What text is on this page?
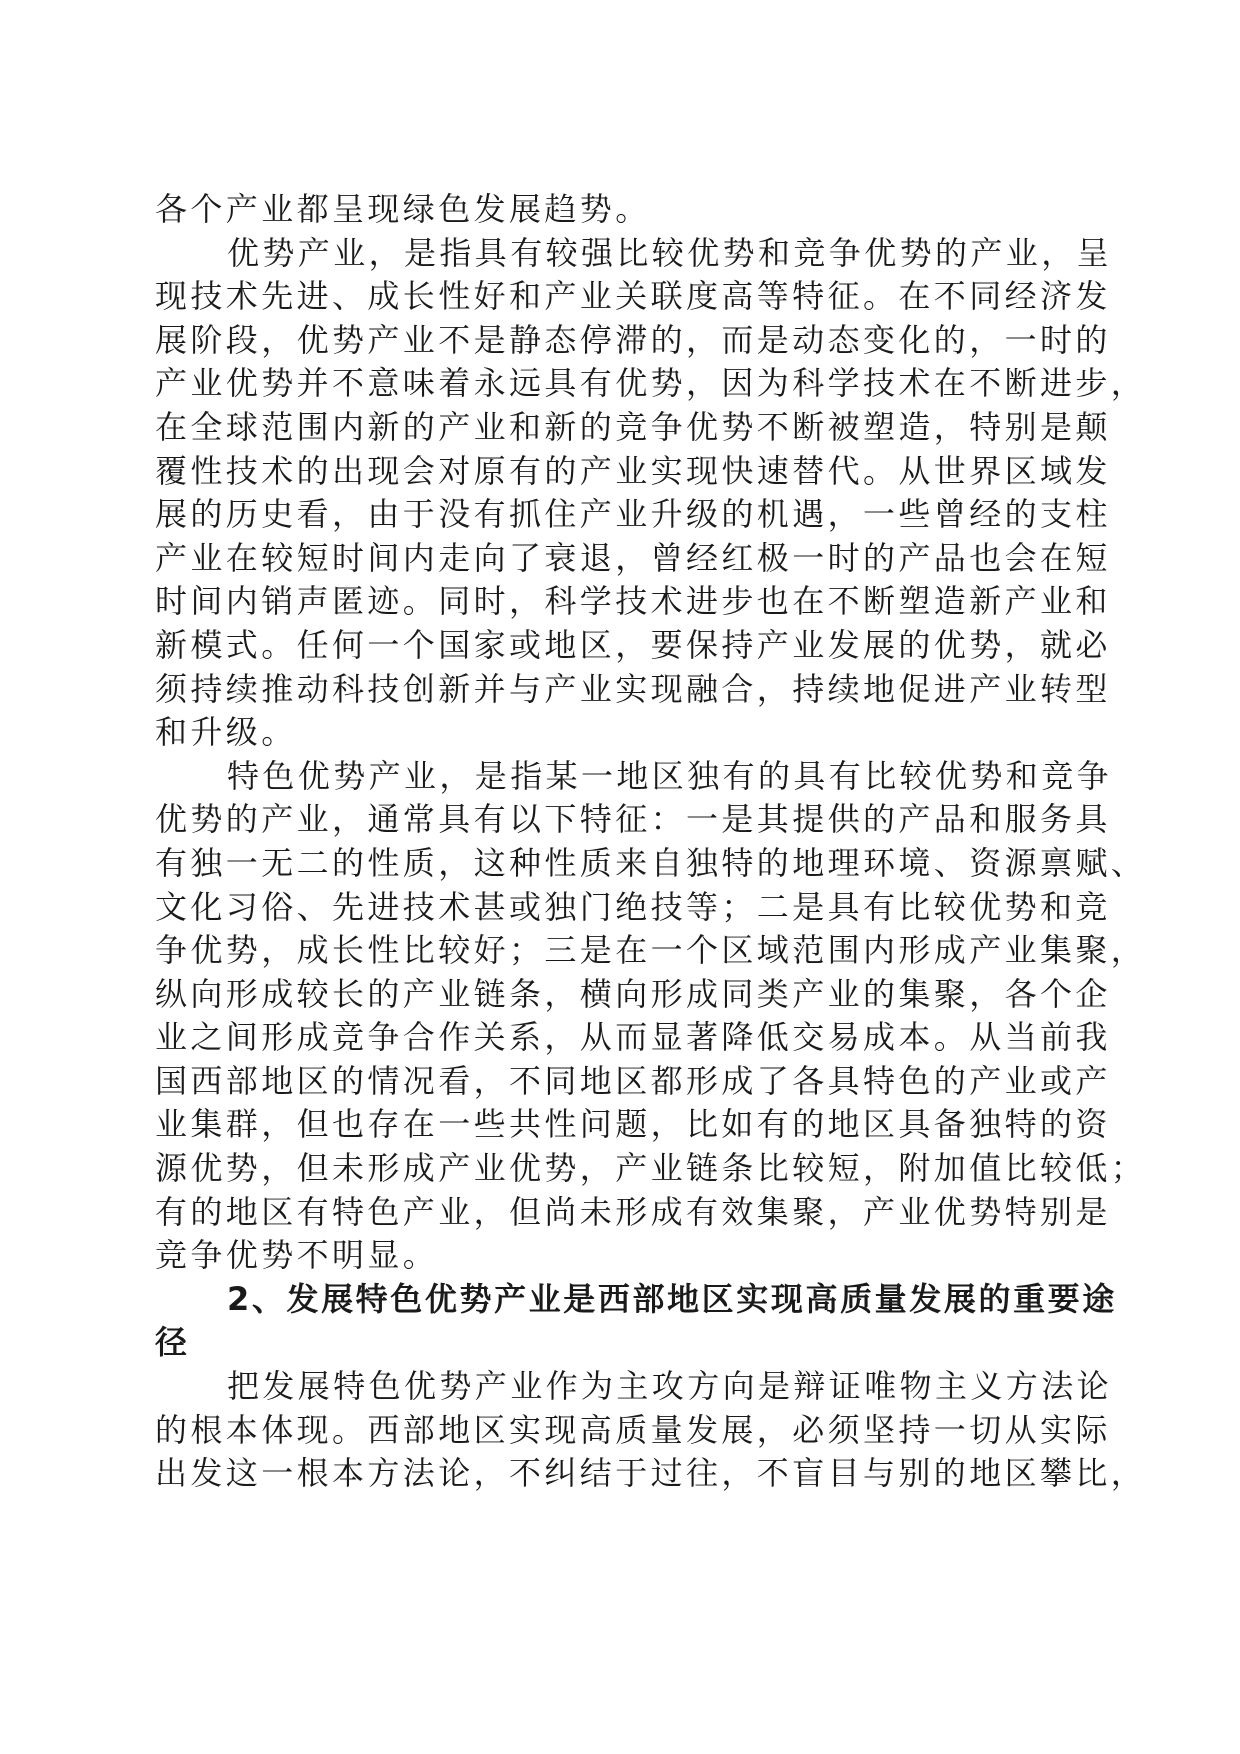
各个产业都呈现绿色发展趋势。
优势产业，是指具有较强比较优势和竞争优势的产业，呈
现技术先进、成长性好和产业关联度高等特征。在不同经济发
展阶段，优势产业不是静态停滞的，而是动态变化的，一时的
产业优势并不意味着永远具有优势，因为科学技术在不断进步，
在全球范围内新的产业和新的竞争优势不断被塑造，特别是颠
覆性技术的出现会对原有的产业实现快速替代。从世界区域发
展的历史看，由于没有抓住产业升级的机遇，一些曾经的支柱
产业在较短时间内走向了衰退，曾经红极一时的产品也会在短
时间内销声匿迹。同时，科学技术进步也在不断塑造新产业和
新模式。任何一个国家或地区，要保持产业发展的优势，就必
须持续推动科技创新并与产业实现融合，持续地促进产业转型
和升级。
特色优势产业，是指某一地区独有的具有比较优势和竞争
优势的产业，通常具有以下特征：一是其提供的产品和服务具
有独一无二的性质，这种性质来自独特的地理环境、资源禀赋、
文化习俗、先进技术甚或独门绝技等；二是具有比较优势和竞
争优势，成长性比较好；三是在一个区域范围内形成产业集聚，
纵向形成较长的产业链条，横向形成同类产业的集聚，各个企
业之间形成竞争合作关系，从而显著降低交易成本。从当前我
国西部地区的情况看，不同地区都形成了各具特色的产业或产
业集群，但也存在一些共性问题，比如有的地区具备独特的资
源优势，但未形成产业优势，产业链条比较短，附加值比较低；
有的地区有特色产业，但尚未形成有效集聚，产业优势特别是
竞争优势不明显。
2、发展特色优势产业是西部地区实现高质量发展的重要途
径
把发展特色优势产业作为主攻方向是辩证唯物主义方法论
的根本体现。西部地区实现高质量发展，必须坚持一切从实际
出发这一根本方法论，不纠结于过往，不盲目与别的地区攀比，
